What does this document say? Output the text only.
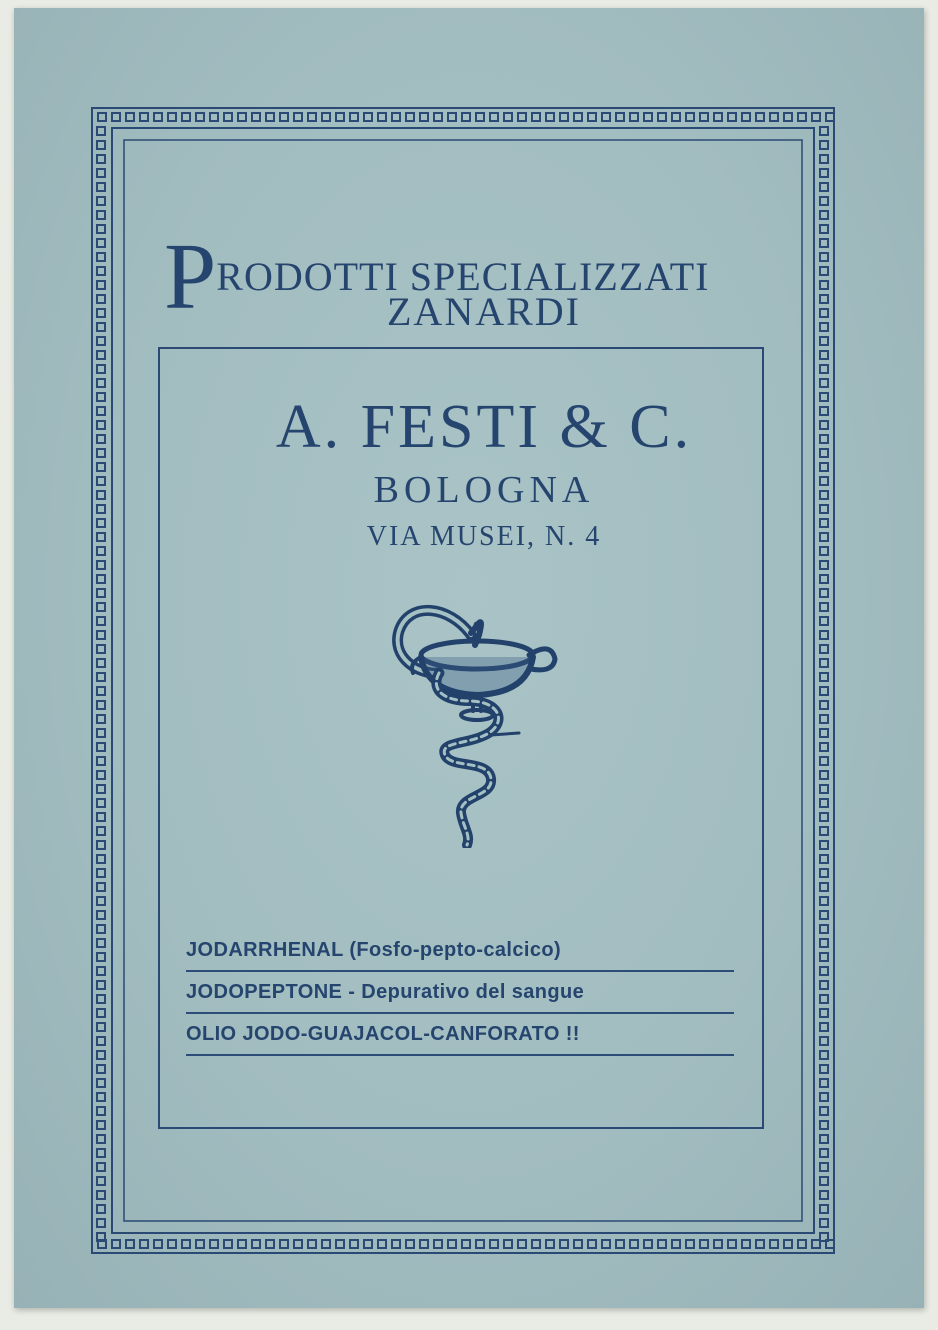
PRODOTTI SPECIALIZZATI
ZANARDI
A. FESTI & C.
BOLOGNA
VIA MUSEI, N. 4
JODARRHENAL (Fosfo-pepto-calcico)
JODOPEPTONE - Depurativo del sangue
OLIO JODO-GUAJACOL-CANFORATO !!
